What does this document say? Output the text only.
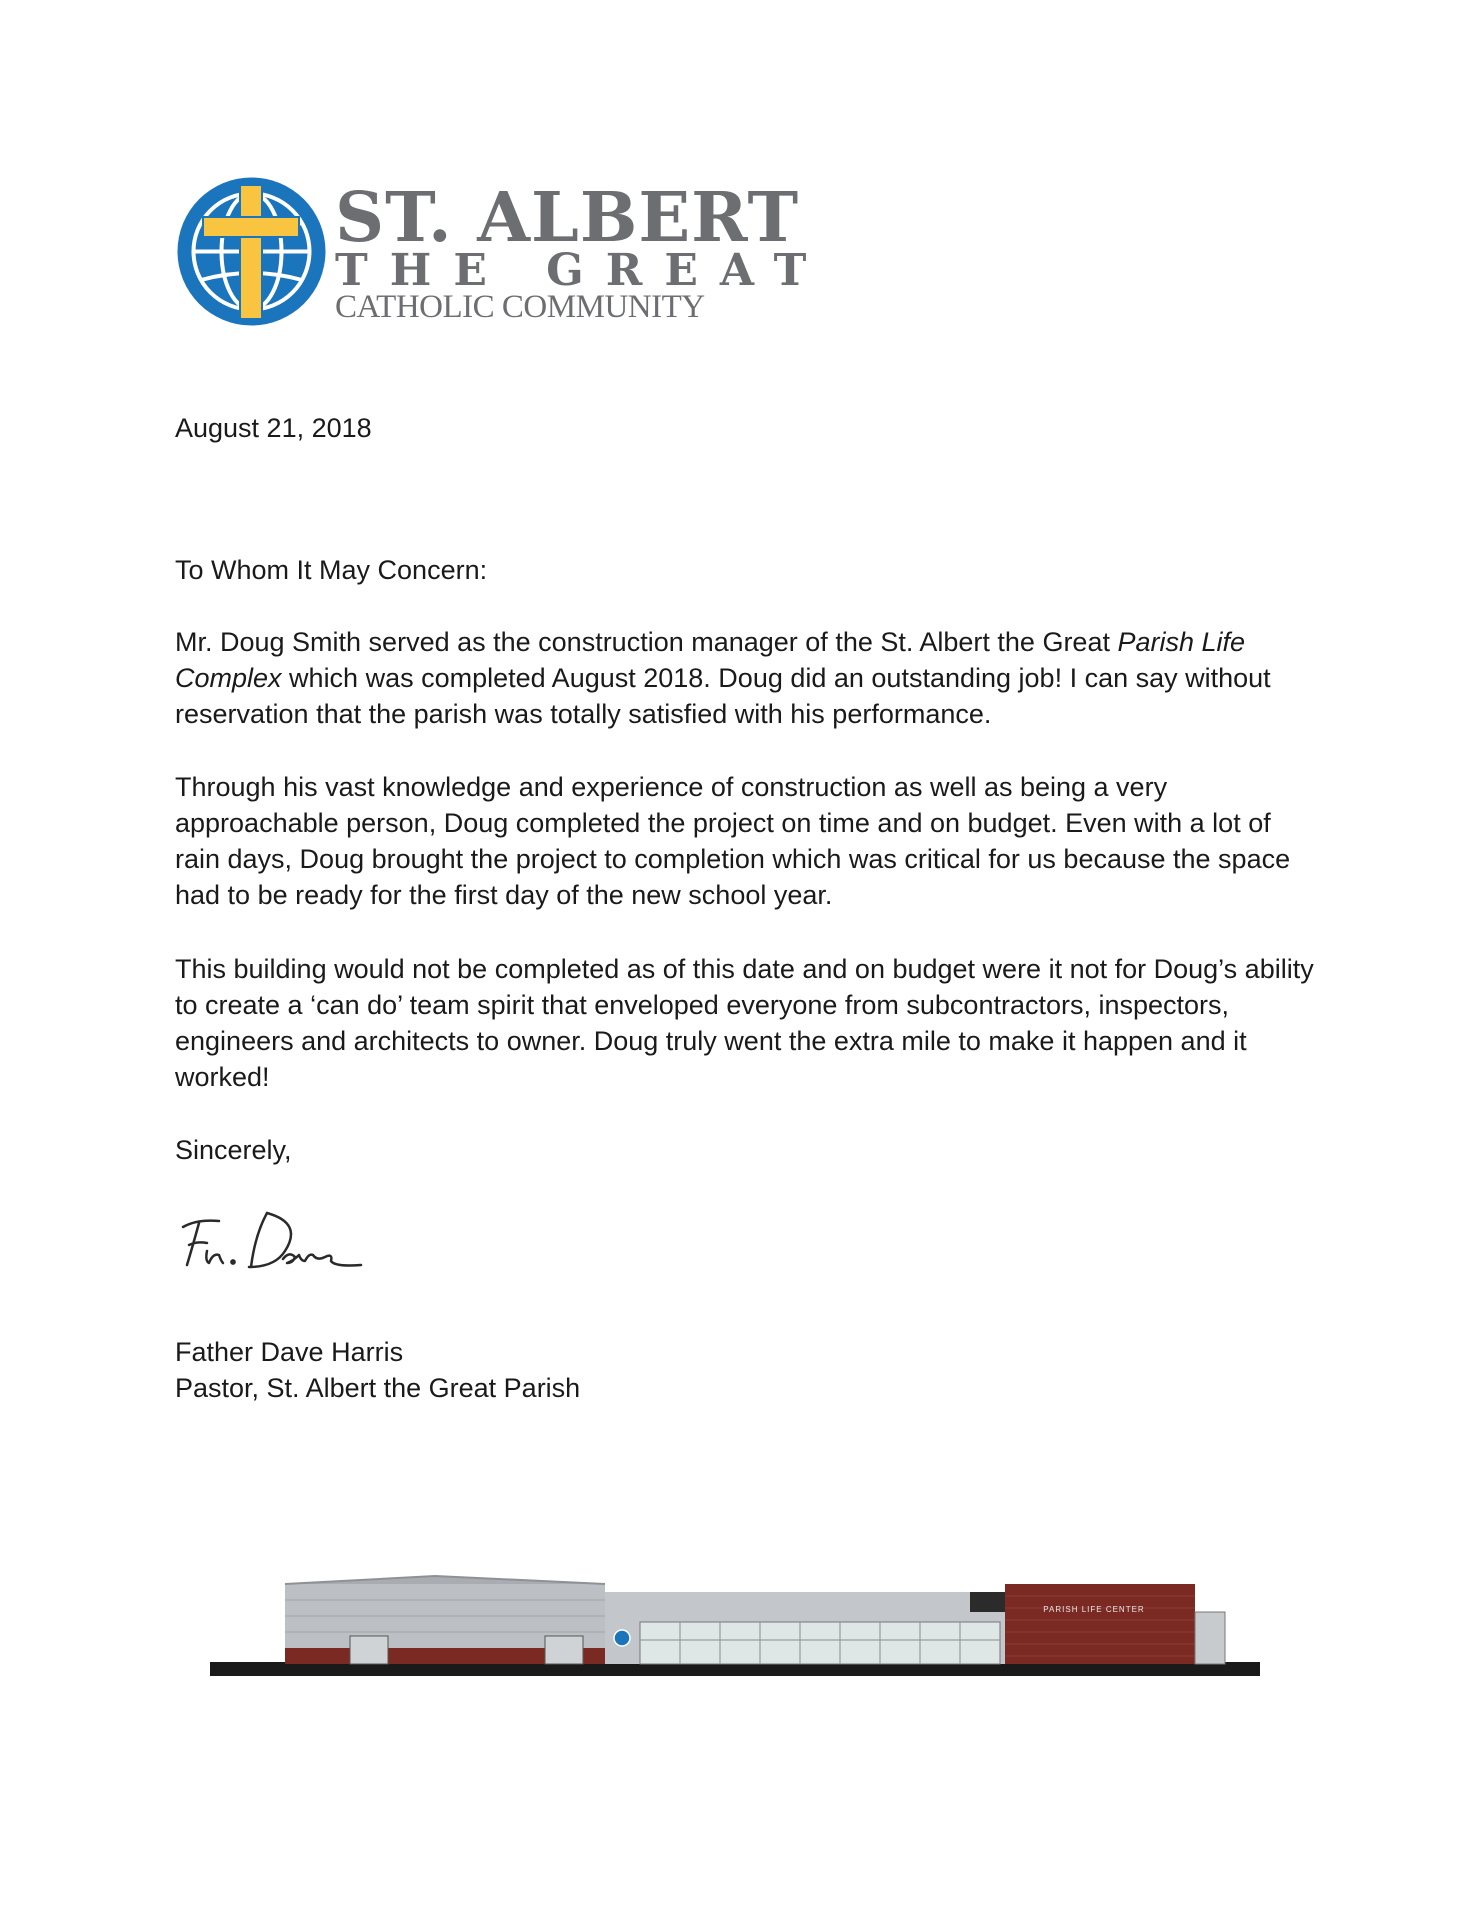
ST. ALBERT
THE GREAT
CATHOLIC COMMUNITY

August 21, 2018

To Whom It May Concern:

Mr. Doug Smith served as the construction manager of the St. Albert the Great Parish Life Complex which was completed August 2018. Doug did an outstanding job! I can say without reservation that the parish was totally satisfied with his performance.

Through his vast knowledge and experience of construction as well as being a very approachable person, Doug completed the project on time and on budget. Even with a lot of rain days, Doug brought the project to completion which was critical for us because the space had to be ready for the first day of the new school year.

This building would not be completed as of this date and on budget were it not for Doug’s ability to create a ‘can do’ team spirit that enveloped everyone from subcontractors, inspectors, engineers and architects to owner. Doug truly went the extra mile to make it happen and it worked!

Sincerely,

Father Dave Harris
Pastor, St. Albert the Great Parish

PARISH LIFE CENTER
